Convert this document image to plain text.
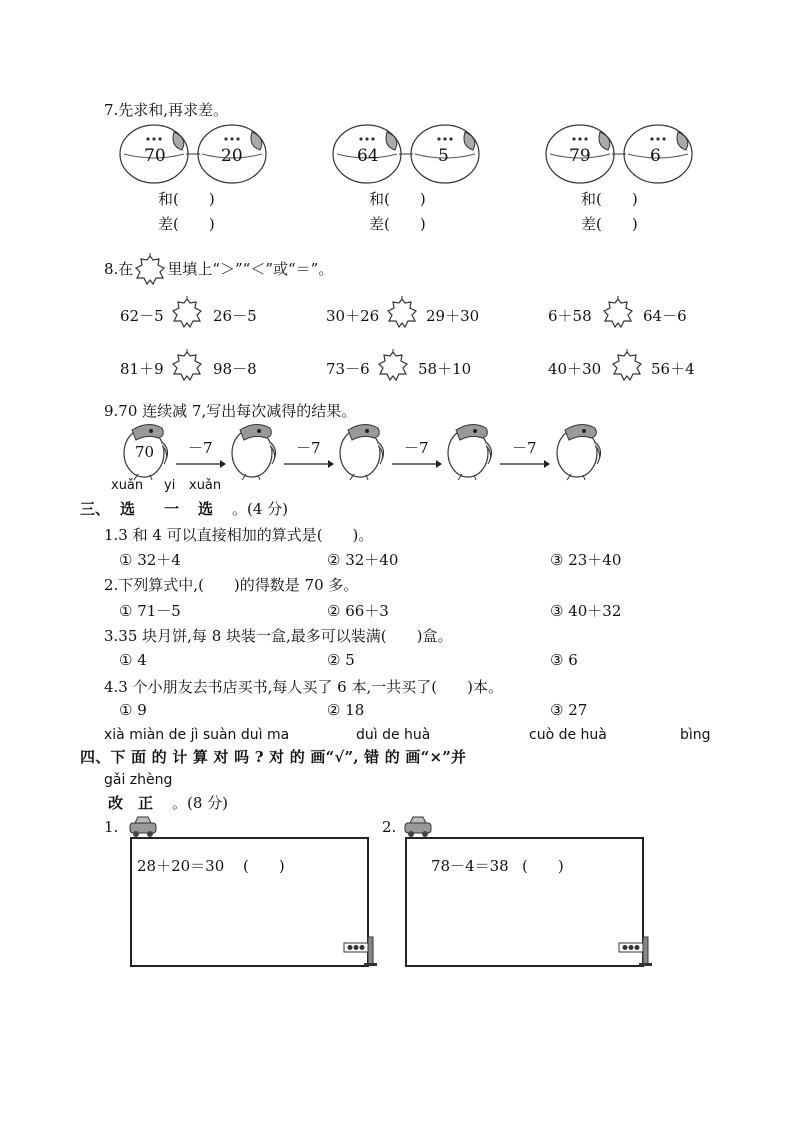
7.先求和,再求差。
70	20
和(　　)
差(　　)
64	5
和(　　)
差(　　)
79	6
和(　　)
差(　　)
8.在 里填上“＞”“＜”或“＝”。
62－5	26－5	30＋26	29＋30	6＋58	64－6
81＋9	98－8	73－6	58＋10	40＋30	56＋4
9.70 连续减 7,写出每次减得的结果。
70 －7	－7	－7	－7
xuǎn yi xuǎn
三、 选 一 选 。(4 分)
1.3 和 4 可以直接相加的算式是(　　)。
① 32＋4	② 32＋40	③ 23＋40
2.下列算式中,(　　)的得数是 70 多。
① 71－5	② 66＋3	③ 40＋32
3.35 块月饼,每 8 块装一盒,最多可以装满(　　)盒。
① 4	② 5	③ 6
4.3 个小朋友去书店买书,每人买了 6 本,一共买了(　　)本。
① 9	② 18	③ 27
xià miàn de jì suàn duì ma	duì de huà	cuò de huà	bìng
四、下 面 的 计 算 对 吗 ? 对 的 画“√”, 错 的 画“×”并
gǎi zhèng
改　正 。(8 分)
1.
28＋20＝30 (　　)
2.
78－4＝38 (　　)
